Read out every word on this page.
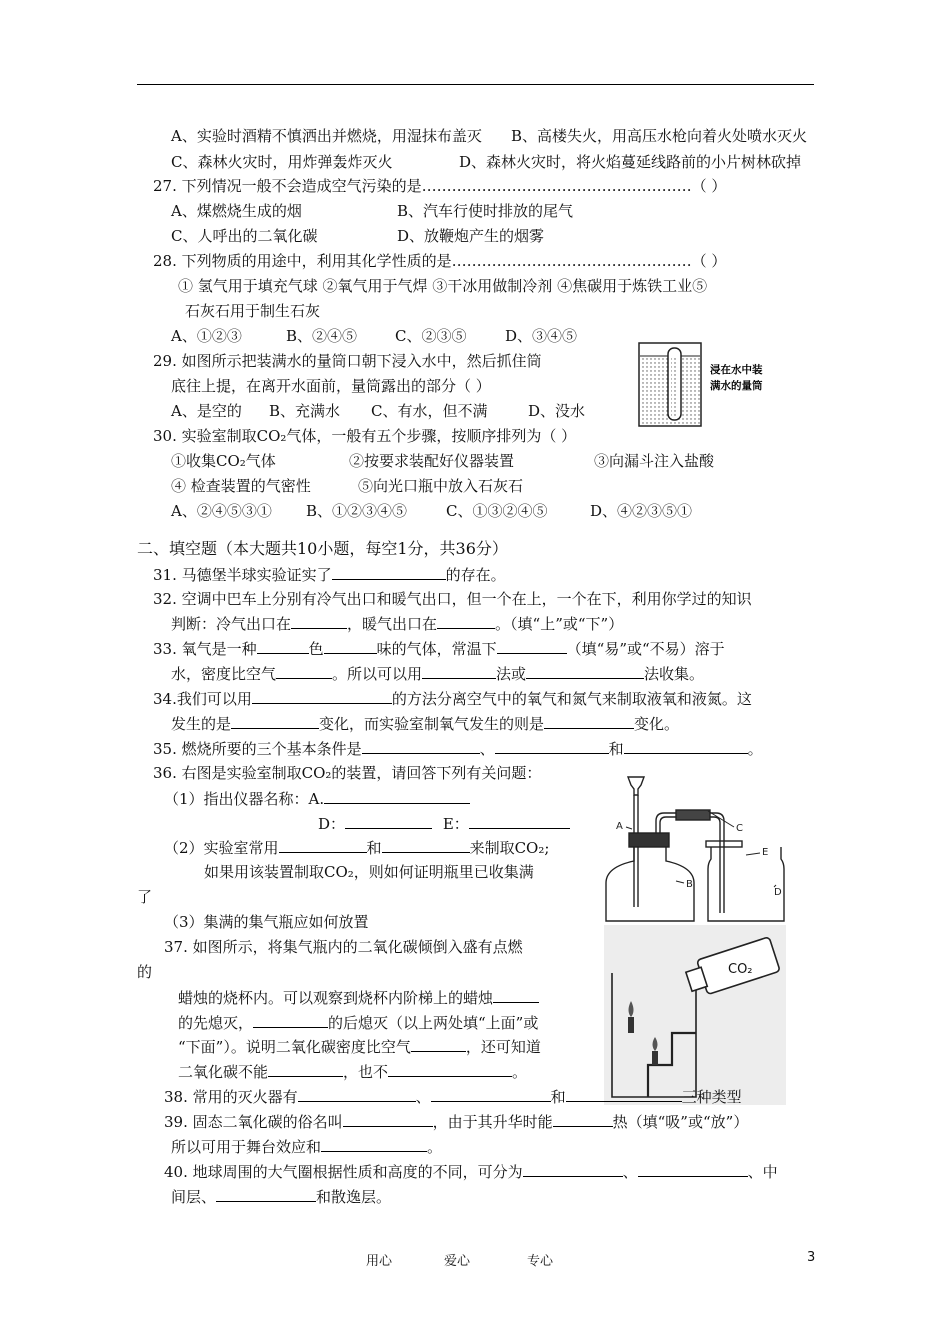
A、实验时酒精不慎洒出并燃烧，用湿抹布盖灭 B、高楼失火，用高压水枪向着火处喷水灭火
C、森林火灾时，用炸弹轰炸灭火	D、森林火灾时，将火焰蔓延线路前的小片树林砍掉
27. 下列情况一般不会造成空气污染的是………………………………………………（ ）
A、煤燃烧生成的烟	B、汽车行使时排放的尾气
C、人呼出的二氧化碳	D、放鞭炮产生的烟雾
28. 下列物质的用途中，利用其化学性质的是…………………………………………（ ）
① 氢气用于填充气球 ②氧气用于气焊 ③干冰用做制冷剂 ④焦碳用于炼铁工业⑤
石灰石用于制生石灰
A、①②③	B、②④⑤	C、②③⑤	D、③④⑤
29. 如图所示把装满水的量筒口朝下浸入水中，然后抓住筒
底往上提，在离开水面前，量筒露出的部分（ ）
A、是空的 B、充满水 C、有水，但不满	D、没水
浸在水中装
满水的量筒
30. 实验室制取CO₂气体，一般有五个步骤，按顺序排列为（ ）
①收集CO₂气体	②按要求装配好仪器装置	③向漏斗注入盐酸
④ 检查装置的气密性	⑤向光口瓶中放入石灰石
A、②④⑤③① B、①②③④⑤	C、①③②④⑤	D、④②③⑤①
二、填空题（本大题共10小题，每空1分，共36分）
31. 马德堡半球实验证实了	的存在。
32. 空调中巴车上分别有冷气出口和暖气出口，但一个在上，一个在下，利用你学过的知识
判断：冷气出口在	，暖气出口在	。（填“上”或“下”）
33. 氧气是一种	色	味的气体，常温下	（填“易”或“不易）溶于
水，密度比空气	。所以可以用	法或	法收集。
34.我们可以用	的方法分离空气中的氧气和氮气来制取液氧和液氮。这
发生的是	变化，而实验室制氧气发生的则是	变化。
35. 燃烧所要的三个基本条件是	、	和	。
36. 右图是实验室制取CO₂的装置，请回答下列有关问题：
（1）指出仪器名称：A.
D：	E：
（2）实验室常用	和	来制取CO₂;
如果用该装置制取CO₂，则如何证明瓶里已收集满
了
（3）集满的集气瓶应如何放置
A
B
C
D
E
37. 如图所示，将集气瓶内的二氧化碳倾倒入盛有点燃
的
蜡烛的烧杯内。可以观察到烧杯内阶梯上的蜡烛
的先熄灭，	的后熄灭（以上两处填“上面”或
“下面”）。说明二氧化碳密度比空气	，还可知道
二氧化碳不能	，也不	。
CO₂
38. 常用的灭火器有	、	和	三种类型
39. 固态二氧化碳的俗名叫	，由于其升华时能	热（填“吸”或“放”）
所以可用于舞台效应和	。
40. 地球周围的大气圈根据性质和高度的不同，可分为	、	、中
间层、	和散逸层。
用心	爱心	专心	3
